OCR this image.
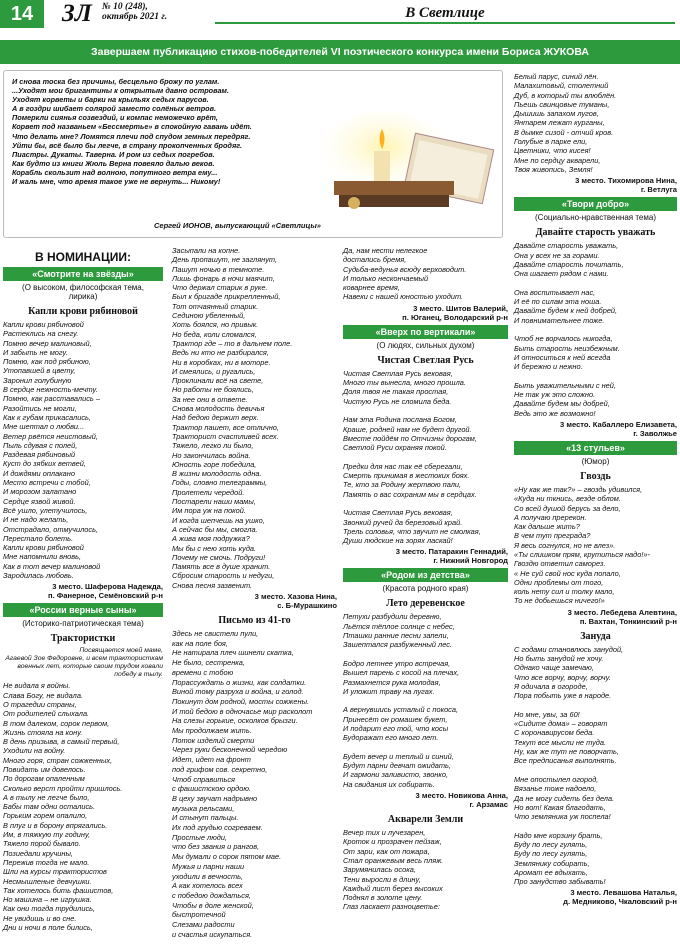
14	ЗЛ № 10 (248),
октябрь 2021 г.	В Светлице
Завершаем публикацию стихов-победителей VI поэтического конкурса имени Бориса ЖУКОВА
И снова тоска без причины, бесцельно брожу по углам.
...Уходят мои бригантины к открытым давно островам.
Уходят корветы и барки на крыльях седых парусов.
А в гоздри шибает солярой заместо солёных ветров.
Померкли сиянья созвездий, и компас неможечко врёт,
Корвет под названьем «Бессмертье» в спокойную гавань идёт.
Что делать мне? Ломятся плечи под спудом земных передряг.
Уйти бы, всё было бы легче, в страну прокопченных бродяг.
Пиастры. Дукаты. Таверна. И ром из седых погребов.
Как будто из книги Жюль Верна повеяло далью веков.
Корабль скользит над волною, попутного ветра ему...
И жаль мне, что время такое уже не вернуть... Никому!
Сергей ИОНОВ, выпускающий «Светлицы»
В НОМИНАЦИИ:
«Смотрите на звёзды»
(О высоком, философская тема,
лирика)
Капли крови рябиновой
Капли крови рябиновой
Растеклись на снегу.
Помню вечер малиновый,
И забыть не могу.
Помню, как под рябиною,
Утопавшей в цвету,
Заронил голубиную
В сердце нежность-мечту.
Помню, как расставались –
Разойтись не могли,
Как к губам прикасались,
Мне шептал о любви...
Ветер рвётся неистовый,
Пыль сдувая с полей,
Раздевая рябиновый
Куст до зябких ветвей,
И дождями оплакано
Место встречи с тобой,
И морозом залатано
Сердце язвой живой.
Всё ушло, улетучилось,
И не надо желать,
Отстрадало, отмучилось,
Перестало болеть.
Капли крови рябиновой
Мне напомнили вновь,
Как в тот вечер малиновой
Зародилась любовь.
3 место. Шаферова Надежда,
п. Фанерное, Семёновский р-н
«России верные сыны»
(Историко-патриотическая тема)
Трактористки
Посвящается моей маме,
Агаевой Зое Федоровне, и всем трактористкам
военных лет, которые своим трудом ковали
победу в тылу.
Не видала я войны.
Слава Богу, не видала.
О трагедии страны,
От родителей слыхала.
В том далеком, сорок первом,
Жизнь стояла на кону.
В день призыва, в самый первый,
Уходили на войну.
Много горя, стран сожженных,
Повидать им довелось.
По дорогам опаленным
Сколько верст пройти пришлось.
А в тылу не легче было,
Бабы там одни остались.
Горьким горем опалило,
В плуг и в борону впрягались.
Им, в тяжкую ту годину,
Тяжело порой бывало.
Позиедали кручины,
Пережив тогда не мало.
Шли на курсы трактористов
Несмышленые девчушки.
Так хотелось бить фашистов,
Но машина – не игрушка.
Как они тогда трудились,
Не увидишь и во сне.
Дни и ночи в поле бились,
Засыпали на копне.
День пропашут, не заглянут,
Пашут ночью в темноте.
Лишь фонарь в ночи маячит,
Что держал старик в руке.
Был к бригаде прикрепленный,
Тот отчаянный старик.
Сединою убеленный,
Хоть боялся, но привык.
Но беда, коли сломался,
Трактор где – то в дальнем поле.
Ведь ни кто не разбирался,
Ни в коробках, ни в моторе.
И смеялись, и ругались,
Проклинали всё на свете,
Но работы не боялись,
За нее они в ответе.
Снова молодость девичья
Над бедою держит верх.
Трактор пашет, все отлично,
Тракторист счастливей всех.
Тяжело, легко ли было,
Но закончилась война.
Юность горе победила,
В жизни молодость одна.
Годы, словно телеграммы,
Пролетели чередой.
Постарели наши мамы,
Им пора уж на покой.
И когда шепчешь на ушко,
А сейчас бы мы, смогла.
А жива моя подружка?
Мы бы с нею хоть куда.
Почему не смочь. Подруги!
Память все в душе хранит.
Сбросим старость и недуги,
Снова песня зазвенит.
3 место. Хазова Нина,
с. Б-Мурашкино
Письмо из 41-го
Здесь не свистели пули,
как на поле боя,
Не натирала плеч шинели скатка,
Не было, сестренка,
времени с тобою
Порассуждать о жизни, как солдатки.
Виной тому разруха и война, и голод.
Покинут дом родной, мосты сожжены.
И той бедою в одночасье мир расколот
На слезы горькие, осколков брызги.
Мы продолжаем жить.
Поток изделий смерти
Через руки бесконечной чередою
Идет, идет на фронт
под грифом сов. секретно,
Чтоб справиться
с фашистскою ордою.
В цеху звучат надрывно
музыка рельсами,
И стынут пальцы.
Их под грудью согреваем.
Простые люди,
что без звания и рангов,
Мы думали о сорок пятом мае.
Мужья и парни наши
уходили в вечность,
А как хотелось всех
с победою дождаться,
Чтобы в доле женской,
быстротечной
Слезами радости
и счастья искупаться.
Да, нам нести нелегкое
достались бремя,
Судьба-ведунья всюду верховодит.
И только нескончаемый
коварнее время,
Навеки с нашей юностью уходит.
3 место. Шитов Валерий,
п. Юганец, Володарский р-н
«Вверх по вертикали»
(О людях, сильных духом)
Чистая Светлая Русь
Чистая Светлая Русь вековая,
Много ты вынесла, много прошла.
Доля твоя не такая простая,
Чистую Русь не сломила беда.

Нам эта Родина послана Богом,
Краше, родней нам не будет другой.
Вместе пойдём по Отчизны дорогам,
Светлой Руси охраняя покой.

Предки для нас так её сберегали,
Смерть принимая в жестоких боях.
Те, кто за Родину жертвою пали,
Память о вас сохраним мы в сердцах.

Чистая Светлая Русь вековая,
Звонкий ручей да березовый край.
Трель соловья, что звучит не смолкая,
Души людские на зорях ласкай!
3 место. Патаракин Геннадий,
г. Нижний Новгород
«Родом из детства»
(Красота родного края)
Лето деревенское
Петухи разбудили деревню,
Льётся тёплое солнце с небес,
Пташки ранние песни запели,
Зашептался разбуженный лес.

Бодро летнее утро встречая,
Вышел парень с косой на плечах,
Размахнется рука молодая,
И уложит траву на лугах.

А вернувшись усталый с покоса,
Принесёт он ромашек букет,
И подарит его той, что косы
Будоражат его много лет.

Будет вечер и теплый и синий,
Будут парни девчат ожидать,
И гармони заливисто, звонко,
На свидания их собирать.
3 место. Новикова Анна,
г. Арзамас
Акварели Земли
Вечер тих и лучезарен,
Кроток и прозрачен пейзаж,
От зари, как от пожара,
Стал оранжевым весь пляж.
Зарумянилась осока,
Тени выросли в длину,
Каждый лист берез высоких
Поднял в золоте цену.
Глаз ласкает разноцветье:
Белый парус, синий лён.
Малахитовый, столетний
Дуб, в который ты влюблён.
Пьешь свинцовые туманы,
Дышишь запахом лугов,
Янтарем лежат курганы,
В дымке сизой - отчий кров.
Голубые в парке ели,
Цветники, что кисея!
Мне по сердцу акварели,
Твоя живопись, Земля!
3 место. Тихомирова Нина,
г. Ветлуга
«Твори добро»
(Социально-нравственная тема)
Давайте старость уважать
Давайте старость уважать,
Она у всех не за горами.
Давайте старость почитать,
Она шагает рядом с нами.

Она воспитывает нас,
И её по силам эта ноша.
Давайте будем к ней добрей,
И повнимательнее тоже.

Чтоб не ворчалось никогда,
Быть старость неизбежным.
И относиться к ней всегда
И бережно и нежно.

Быть уважительными с ней,
Не так уж это сложно.
Давайте будем мы добрей,
Ведь это же возможно!
3 место. Кабаллеро Елизавета,
г. Заволжье
«13 стульев»
(Юмор)
Гвоздь
«Ну как же так?» – гвоздь удивился,
«Куда ни ткнись, везде облом.
Со всей душой берусь за дело,
А получаю пререкон.
Как дальше жить?
В чем тут преграда?
Я весь согнулся, но не влез».
«Ты слишком прям, крутиться надо!»-
Гвоздю ответил саморез.
« Не суй свой нос куда попало,
Одни проблемы от того,
коль нету сил и толку мало,
То не добьешься ничего!»
3 место. Лебедева Алевтина,
п. Вахтан, Тонкинский р-н
Зануда
С годами становлюсь занудой,
Но быть занудой не хочу.
Однако чаще замечаю,
Что все ворчу, ворчу, ворчу.
Я одичала в огороде,
Пора побыть уже в народе.

Но мне, увы, за 60!
«Сидите дома» – говорят
С коронавирусом беда.
Текут все мысли не туда.
Ну, как же тут не поворчать,
Все предписанья выполнять.

Мне опостылел огород,
Вязанье тоже надоело,
Да не могу сидеть без дела.
Но вот! Какая благодать,
Что земляника уж поспела!

Надо мне корзину брать,
Буду по лесу гулять,
Буду по лесу гулять,
Землянику собирать,
Аромат ее вдыхать,
Про занудство забывать!
3 место. Левашова Наталья,
д. Медниково, Чкаловский р-н
